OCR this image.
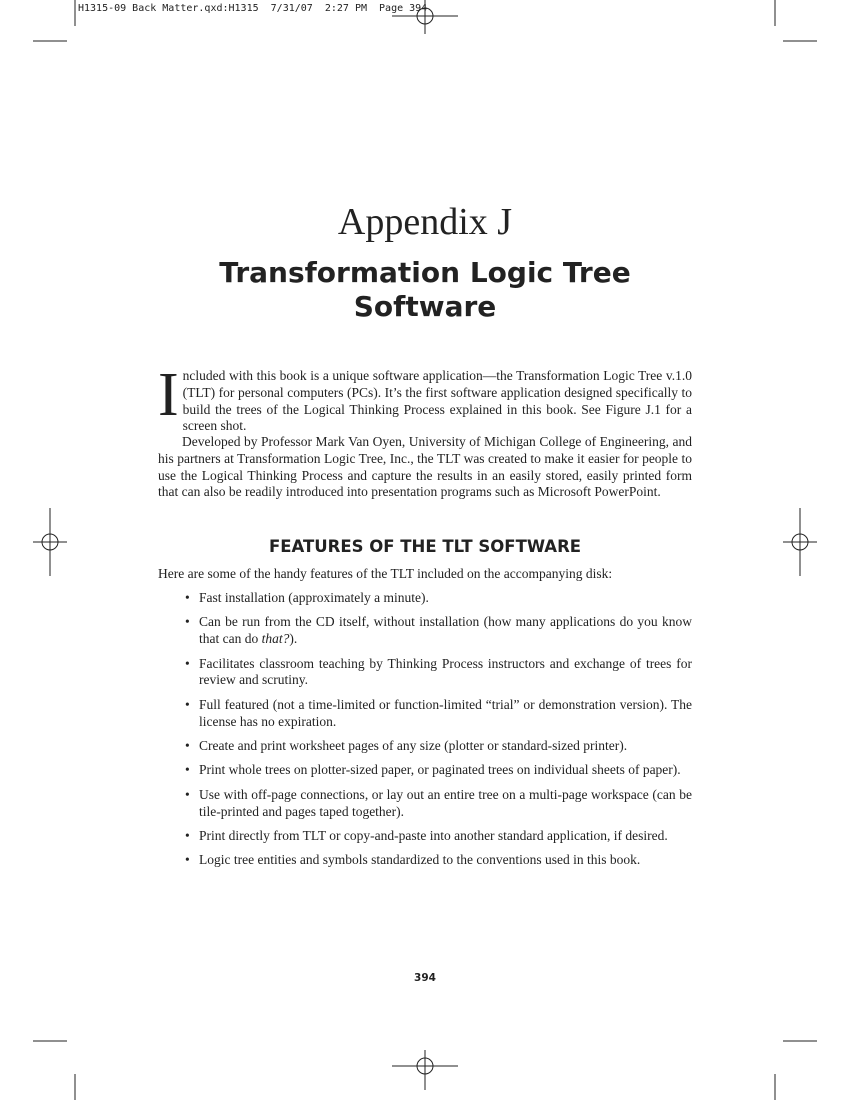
H1315-09 Back Matter.qxd:H1315  7/31/07  2:27 PM  Page 394
Appendix J
Transformation Logic Tree
Software
Included with this book is a unique software application—the Transformation Logic Tree v.1.0 (TLT) for personal computers (PCs). It’s the first software application designed specifically to build the trees of the Logical Thinking Process explained in this book. See Figure J.1 for a screen shot.
Developed by Professor Mark Van Oyen, University of Michigan College of Engineering, and his partners at Transformation Logic Tree, Inc., the TLT was created to make it easier for people to use the Logical Thinking Process and capture the results in an easily stored, easily printed form that can also be readily introduced into presentation programs such as Microsoft PowerPoint.
FEATURES OF THE TLT SOFTWARE
Here are some of the handy features of the TLT included on the accompanying disk:
• Fast installation (approximately a minute).
• Can be run from the CD itself, without installation (how many applications do you know that can do that?).
• Facilitates classroom teaching by Thinking Process instructors and exchange of trees for review and scrutiny.
• Full featured (not a time-limited or function-limited “trial” or demonstration version). The license has no expiration.
• Create and print worksheet pages of any size (plotter or standard-sized printer).
• Print whole trees on plotter-sized paper, or paginated trees on individual sheets of paper).
• Use with off-page connections, or lay out an entire tree on a multi-page workspace (can be tile-printed and pages taped together).
• Print directly from TLT or copy-and-paste into another standard application, if desired.
• Logic tree entities and symbols standardized to the conventions used in this book.
394
